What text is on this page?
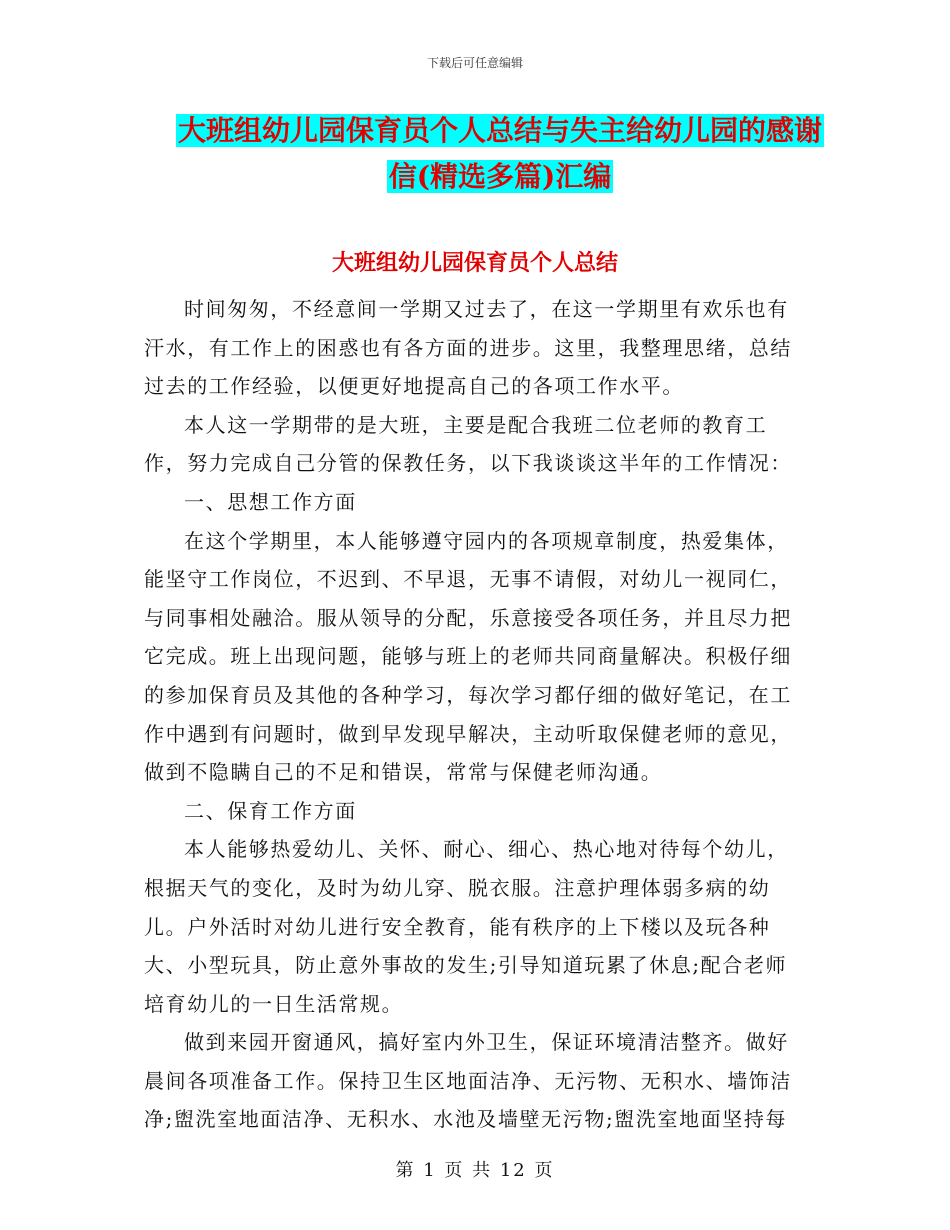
下载后可任意编辑
大班组幼儿园保育员个人总结与失主给幼儿园的感谢
信(精选多篇)汇编
大班组幼儿园保育员个人总结

时间匆匆，不经意间一学期又过去了，在这一学期里有欢乐也有汗水，有工作上的困惑也有各方面的进步。这里，我整理思绪，总结过去的工作经验，以便更好地提高自己的各项工作水平。

本人这一学期带的是大班，主要是配合我班二位老师的教育工作，努力完成自己分管的保教任务，以下我谈谈这半年的工作情况：

一、思想工作方面

在这个学期里，本人能够遵守园内的各项规章制度，热爱集体，能坚守工作岗位，不迟到、不早退，无事不请假，对幼儿一视同仁，与同事相处融洽。服从领导的分配，乐意接受各项任务，并且尽力把它完成。班上出现问题，能够与班上的老师共同商量解决。积极仔细的参加保育员及其他的各种学习，每次学习都仔细的做好笔记，在工作中遇到有问题时，做到早发现早解决，主动听取保健老师的意见，做到不隐瞒自己的不足和错误，常常与保健老师沟通。

二、保育工作方面

本人能够热爱幼儿、关怀、耐心、细心、热心地对待每个幼儿，根据天气的变化，及时为幼儿穿、脱衣服。注意护理体弱多病的幼儿。户外活时对幼儿进行安全教育，能有秩序的上下楼以及玩各种大、小型玩具，防止意外事故的发生;引导知道玩累了休息;配合老师培育幼儿的一日生活常规。

做到来园开窗通风，搞好室内外卫生，保证环境清洁整齐。做好晨间各项准备工作。保持卫生区地面洁净、无污物、无积水、墙饰洁净;盥洗室地面洁净、无积水、水池及墙壁无污物;盥洗室地面坚持每

第 1 页 共 12 页
